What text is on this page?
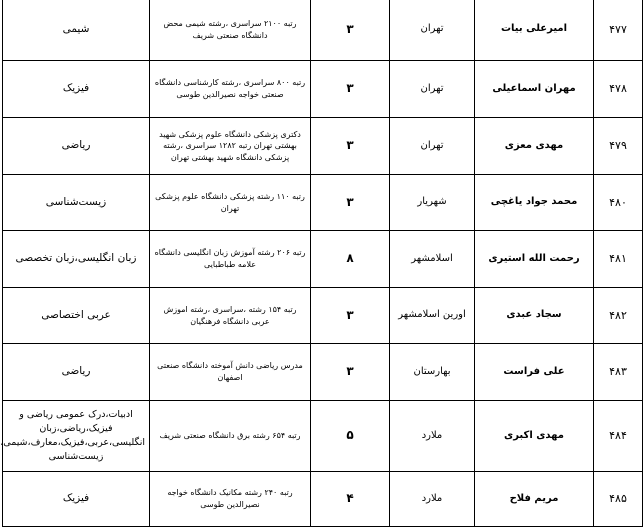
۴۷۷	امیرعلی بیات	تهران	۳	رتبه ۲۱۰۰ سراسری ،رشته شیمی محض دانشگاه صنعتی شریف	شیمی
۴۷۸	مهران اسماعیلی	تهران	۳	رتبه ۸۰۰ سراسری ،رشته کارشناسی دانشگاه صنعتی خواجه نصیرالدین طوسی	فیزیک
۴۷۹	مهدی معزی	تهران	۳	دکتری پزشکی دانشگاه علوم پزشکی شهید بهشتی تهران رتبه ۱۲۸۲ سراسری ،رشته پزشکی دانشگاه شهید بهشتی تهران	ریاضی
۴۸۰	محمد جواد یاغچی	شهریار	۳	رتبه ۱۱۰ رشته پزشکی دانشگاه علوم پزشکی تهران	زیست‌شناسی
۴۸۱	رحمت الله استیری	اسلامشهر	۸	رتبه ۲۰۶ رشته آموزش زبان انگلیسی دانشگاه علامه طباطبایی	زبان انگلیسی،زبان تخصصی
۴۸۲	سجاد عبدی	اورین اسلامشهر	۳	رتبه ۱۵۴ رشته ،سراسری ،رشته اموزش عربی دانشگاه فرهنگیان	عربی اختصاصی
۴۸۳	علی فراست	بهارستان	۳	مدرس ریاضی دانش آموخته دانشگاه صنعتی اصفهان	ریاضی
۴۸۴	مهدی اکبری	ملارد	۵	رتبه ۶۵۴ رشته برق دانشگاه صنعتی شریف	ادبیات،درک عمومی ریاضی و فیزیک،ریاضی،زبان انگلیسی،عربی،فیزیک،معارف،شیمی، زیست‌شناسی
۴۸۵	مریم فلاح	ملارد	۴	رتبه ۲۴۰ رشته مکانیک دانشگاه خواجه نصیرالدین طوسی	فیزیک
